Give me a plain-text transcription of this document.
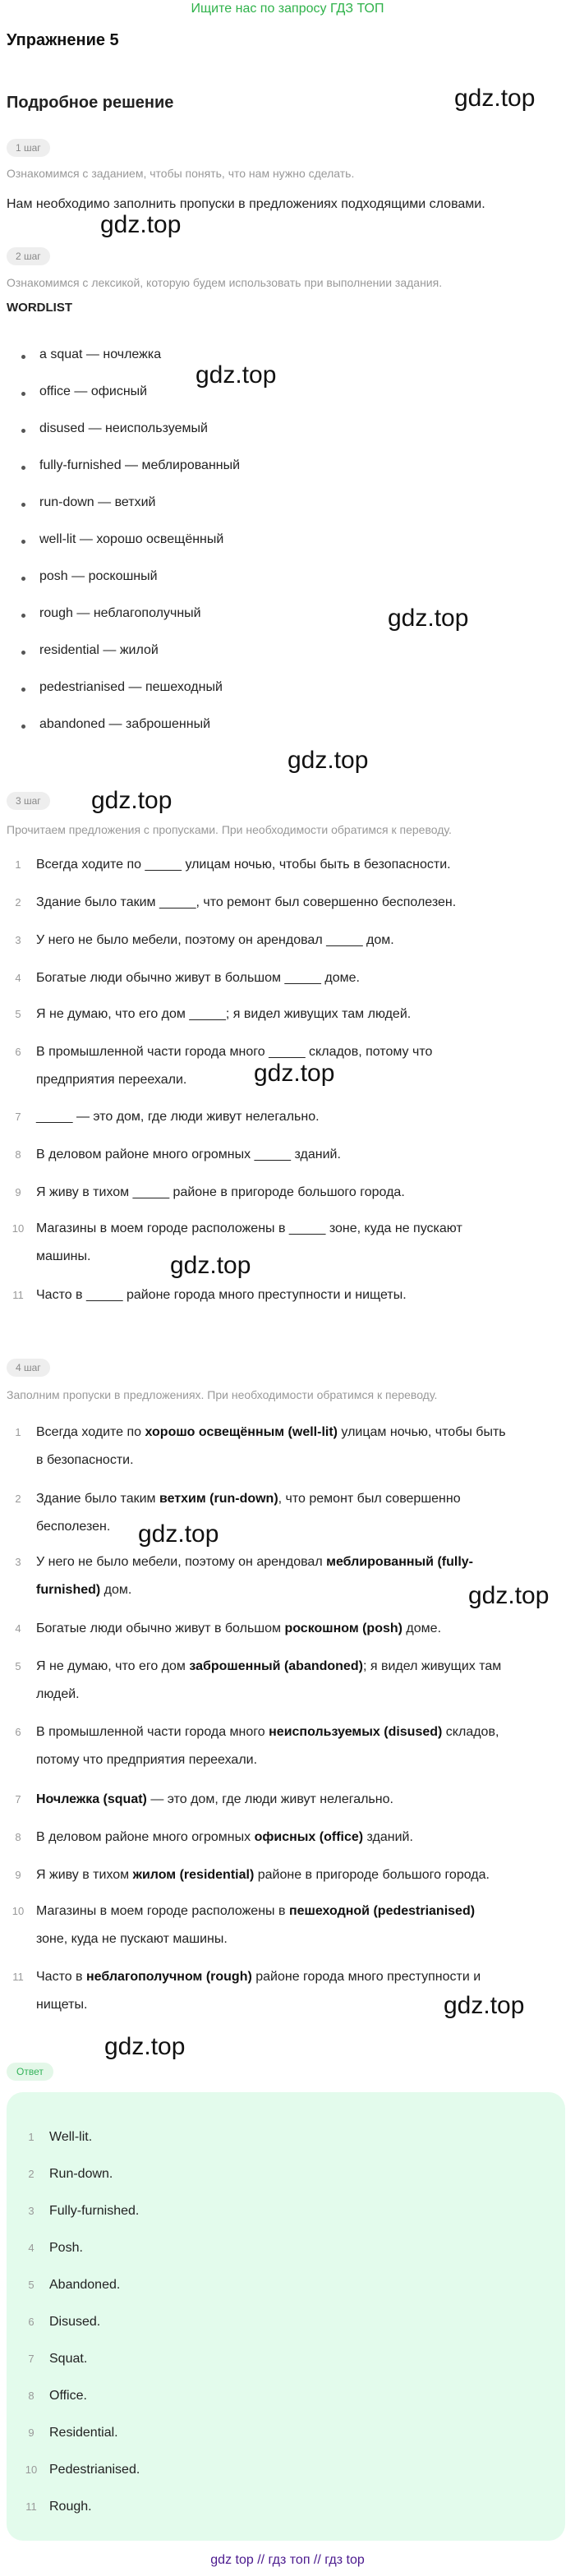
Ищите нас по запросу ГДЗ ТОП
Упражнение 5
Подробное решение	gdz.top
gdz.top
gdz.top
gdz.top
gdz.top
gdz.top
gdz.top
gdz.top
gdz.top
gdz.top
gdz.top
gdz.top
1 шаг
Ознакомимся с заданием, чтобы понять, что нам нужно сделать.
Нам необходимо заполнить пропуски в предложениях подходящими словами.
2 шаг
Ознакомимся с лексикой, которую будем использовать при выполнении задания.
WORDLIST
a squat — ночлежка
office — офисный
disused — неиспользуемый
fully-furnished — меблированный
run-down — ветхий
well-lit — хорошо освещённый
posh — роскошный
rough — неблагополучный
residential — жилой
pedestrianised — пешеходный
abandoned — заброшенный
3 шаг
Прочитаем предложения с пропусками. При необходимости обратимся к переводу.
1 Всегда ходите по _____ улицам ночью, чтобы быть в безопасности.
2 Здание было таким _____, что ремонт был совершенно бесполезен.
3 У него не было мебели, поэтому он арендовал _____ дом.
4 Богатые люди обычно живут в большом _____ доме.
5 Я не думаю, что его дом _____; я видел живущих там людей.
6 В промышленной части города много _____ складов, потому что
предприятия переехали.
7 _____ — это дом, где люди живут нелегально.
8 В деловом районе много огромных _____ зданий.
9 Я живу в тихом _____ районе в пригороде большого города.
10 Магазины в моем городе расположены в _____ зоне, куда не пускают
машины.
11 Часто в _____ районе города много преступности и нищеты.
4 шаг
Заполним пропуски в предложениях. При необходимости обратимся к переводу.
1 Всегда ходите по хорошо освещённым (well-lit) улицам ночью, чтобы быть
в безопасности.
2 Здание было таким ветхим (run-down), что ремонт был совершенно
бесполезен.
3 У него не было мебели, поэтому он арендовал меблированный (fully-
furnished) дом.
4 Богатые люди обычно живут в большом роскошном (posh) доме.
5 Я не думаю, что его дом заброшенный (abandoned); я видел живущих там
людей.
6 В промышленной части города много неиспользуемых (disused) складов,
потому что предприятия переехали.
7 Ночлежка (squat) — это дом, где люди живут нелегально.
8 В деловом районе много огромных офисных (office) зданий.
9 Я живу в тихом жилом (residential) районе в пригороде большого города.
10 Магазины в моем городе расположены в пешеходной (pedestrianised)
зоне, куда не пускают машины.
11 Часто в неблагополучном (rough) районе города много преступности и
нищеты.
Ответ
1 Well-lit.
2 Run-down.
3 Fully-furnished.
4 Posh.
5 Abandoned.
6 Disused.
7 Squat.
8 Office.
9 Residential.
10 Pedestrianised.
11 Rough.
gdz top // гдз топ // гдз top
